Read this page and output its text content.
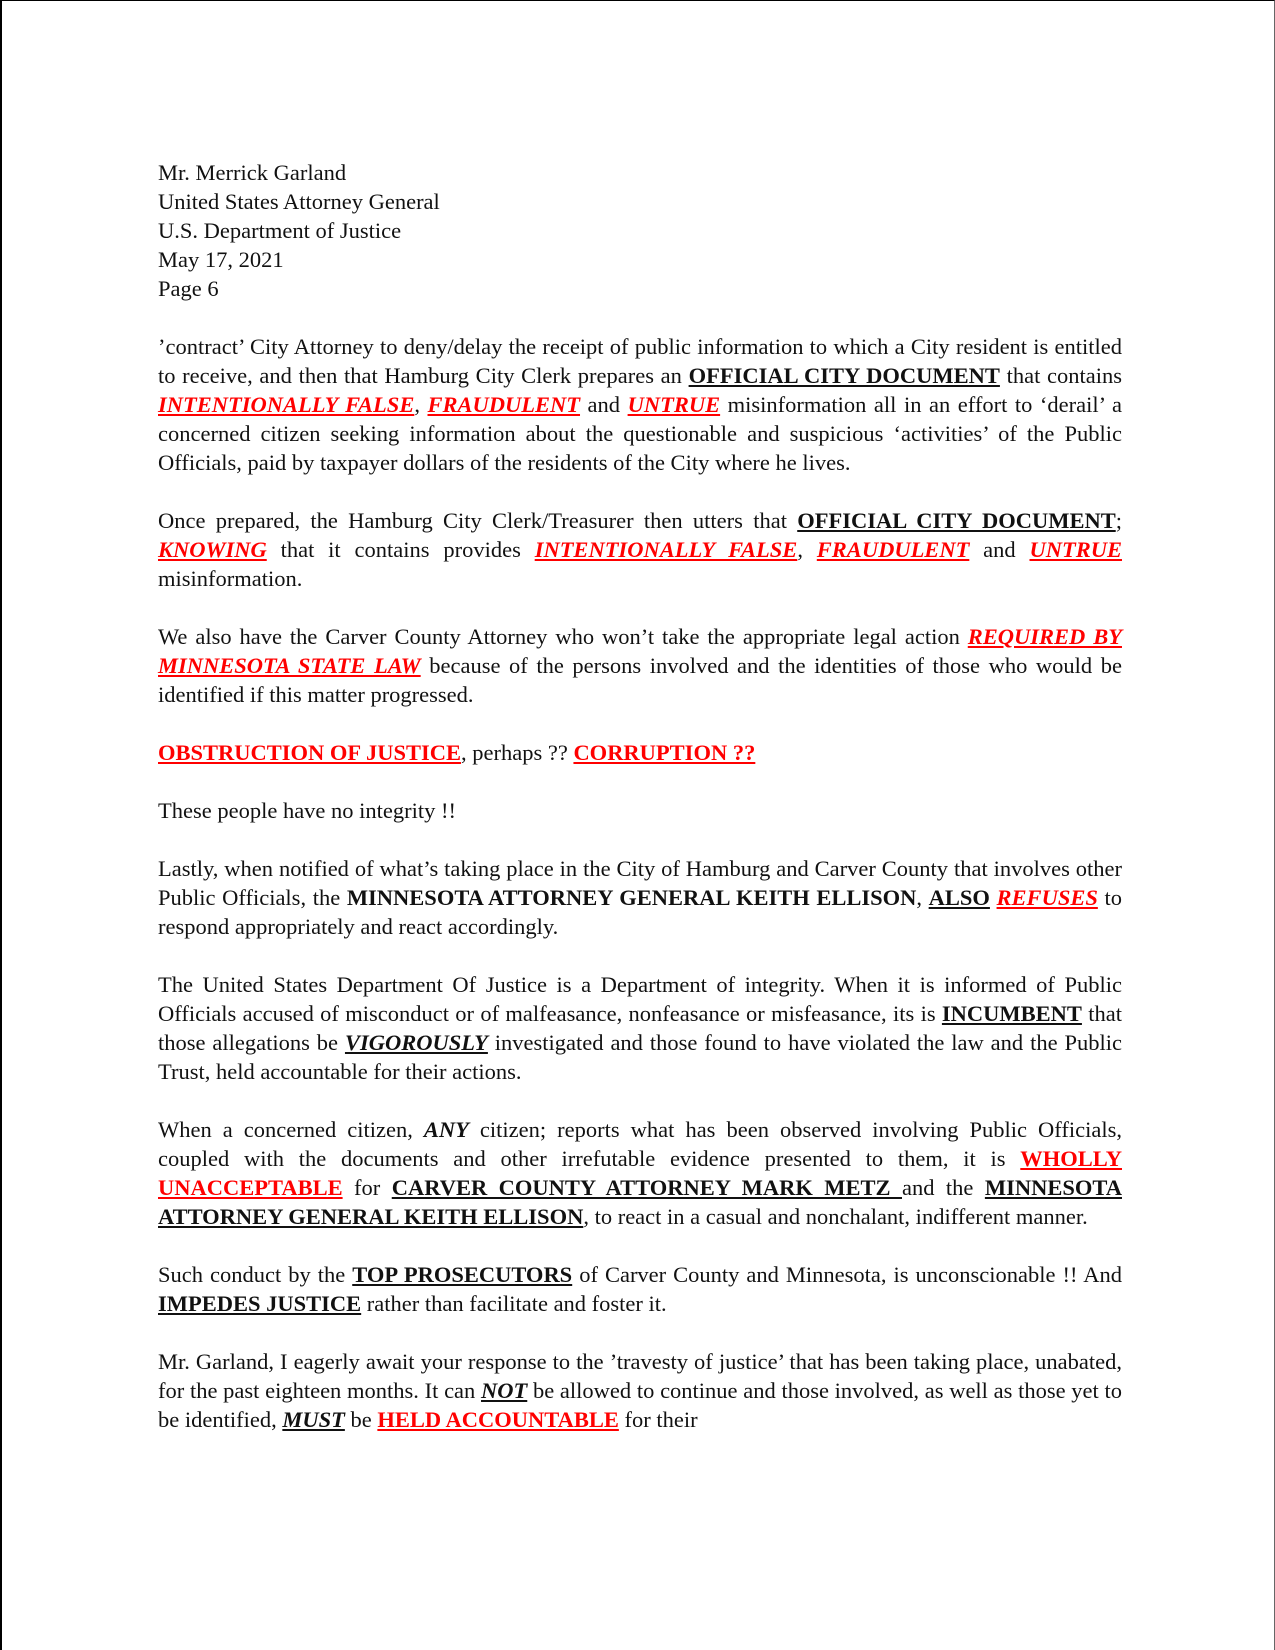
Mr. Merrick Garland
United States Attorney General
U.S. Department of Justice
May 17, 2021
Page 6

’contract’ City Attorney to deny/delay the receipt of public information to which a City resident is entitled to receive, and then that Hamburg City Clerk prepares an OFFICIAL CITY DOCUMENT that contains INTENTIONALLY FALSE, FRAUDULENT and UNTRUE misinformation all in an effort to ‘derail’ a concerned citizen seeking information about the questionable and suspicious ‘activities’ of the Public Officials, paid by taxpayer dollars of the residents of the City where he lives.

Once prepared, the Hamburg City Clerk/Treasurer then utters that OFFICIAL CITY DOCUMENT; KNOWING that it contains provides INTENTIONALLY FALSE, FRAUDULENT and UNTRUE misinformation.

We also have the Carver County Attorney who won’t take the appropriate legal action REQUIRED BY MINNESOTA STATE LAW because of the persons involved and the identities of those who would be identified if this matter progressed.

OBSTRUCTION OF JUSTICE, perhaps ?? CORRUPTION ??

These people have no integrity !!

Lastly, when notified of what’s taking place in the City of Hamburg and Carver County that involves other Public Officials, the MINNESOTA ATTORNEY GENERAL KEITH ELLISON, ALSO REFUSES to respond appropriately and react accordingly.

The United States Department Of Justice is a Department of integrity. When it is informed of Public Officials accused of misconduct or of malfeasance, nonfeasance or misfeasance, its is INCUMBENT that those allegations be VIGOROUSLY investigated and those found to have violated the law and the Public Trust, held accountable for their actions.

When a concerned citizen, ANY citizen; reports what has been observed involving Public Officials, coupled with the documents and other irrefutable evidence presented to them, it is WHOLLY UNACCEPTABLE for CARVER COUNTY ATTORNEY MARK METZ and the MINNESOTA ATTORNEY GENERAL KEITH ELLISON, to react in a casual and nonchalant, indifferent manner.

Such conduct by the TOP PROSECUTORS of Carver County and Minnesota, is unconscionable !! And IMPEDES JUSTICE rather than facilitate and foster it.

Mr. Garland, I eagerly await your response to the ’travesty of justice’ that has been taking place, unabated, for the past eighteen months. It can NOT be allowed to continue and those involved, as well as those yet to be identified, MUST be HELD ACCOUNTABLE for their
